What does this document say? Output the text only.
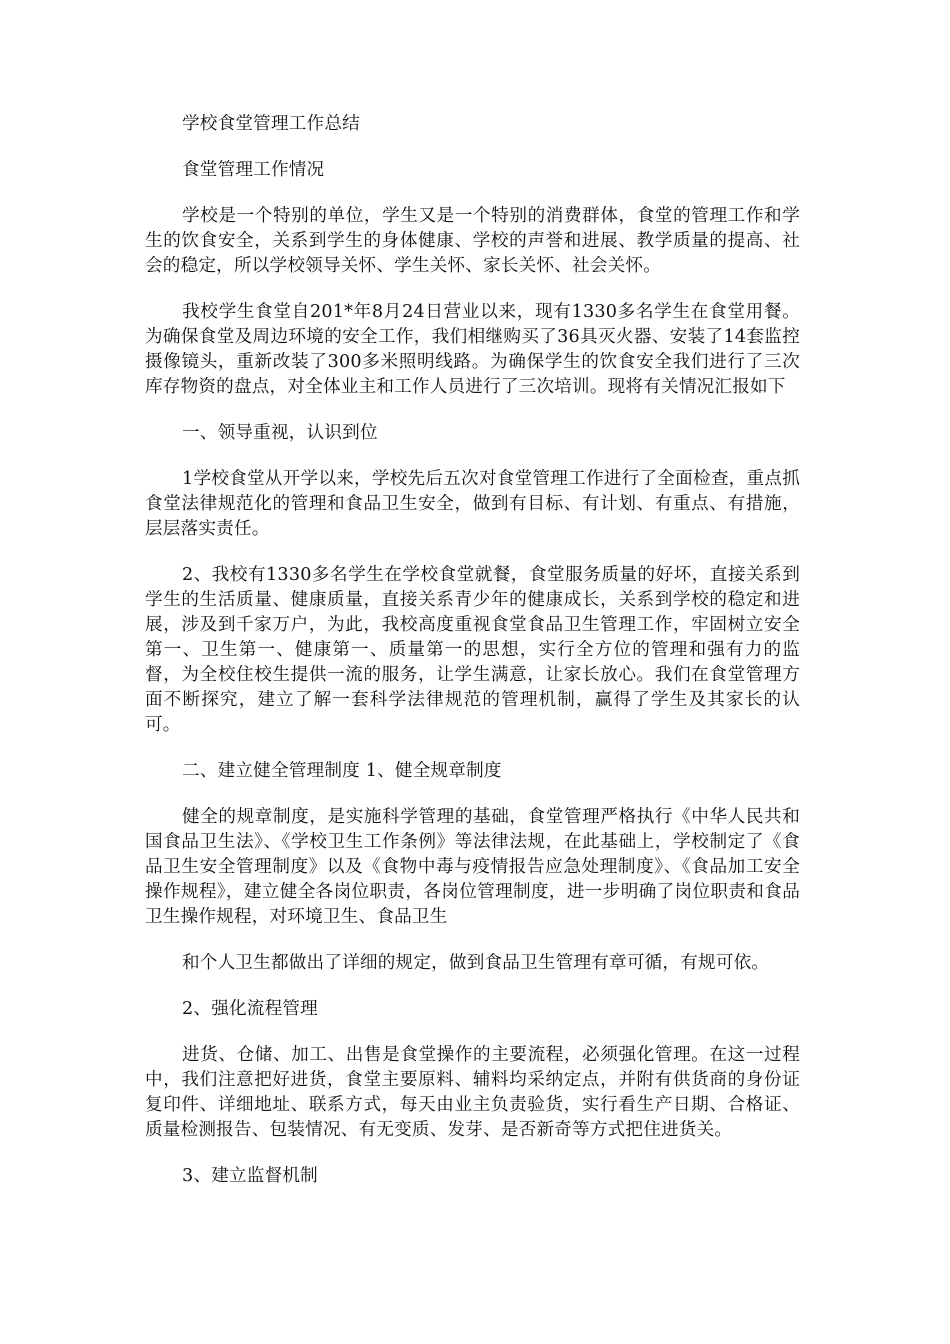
学校食堂管理工作总结

食堂管理工作情况

学校是一个特别的单位，学生又是一个特别的消费群体，食堂的管理工作和学生的饮食安全，关系到学生的身体健康、学校的声誉和进展、教学质量的提高、社会的稳定，所以学校领导关怀、学生关怀、家长关怀、社会关怀。

我校学生食堂自201*年8月24日营业以来，现有1330多名学生在食堂用餐。为确保食堂及周边环境的安全工作，我们相继购买了36具灭火器、安装了14套监控摄像镜头，重新改装了300多米照明线路。为确保学生的饮食安全我们进行了三次库存物资的盘点，对全体业主和工作人员进行了三次培训。现将有关情况汇报如下

一、领导重视，认识到位

1学校食堂从开学以来，学校先后五次对食堂管理工作进行了全面检查，重点抓食堂法律规范化的管理和食品卫生安全，做到有目标、有计划、有重点、有措施，层层落实责任。

2、我校有1330多名学生在学校食堂就餐，食堂服务质量的好坏，直接关系到学生的生活质量、健康质量，直接关系青少年的健康成长，关系到学校的稳定和进展，涉及到千家万户，为此，我校高度重视食堂食品卫生管理工作，牢固树立安全第一、卫生第一、健康第一、质量第一的思想，实行全方位的管理和强有力的监督，为全校住校生提供一流的服务，让学生满意，让家长放心。我们在食堂管理方面不断探究，建立了解一套科学法律规范的管理机制，赢得了学生及其家长的认可。

二、建立健全管理制度 1、健全规章制度

健全的规章制度，是实施科学管理的基础，食堂管理严格执行《中华人民共和国食品卫生法》、《学校卫生工作条例》等法律法规，在此基础上，学校制定了《食品卫生安全管理制度》以及《食物中毒与疫情报告应急处理制度》、《食品加工安全操作规程》，建立健全各岗位职责，各岗位管理制度，进一步明确了岗位职责和食品卫生操作规程，对环境卫生、食品卫生

和个人卫生都做出了详细的规定，做到食品卫生管理有章可循，有规可依。

2、强化流程管理

进货、仓储、加工、出售是食堂操作的主要流程，必须强化管理。在这一过程中，我们注意把好进货，食堂主要原料、辅料均采纳定点，并附有供货商的身份证复印件、详细地址、联系方式，每天由业主负责验货，实行看生产日期、合格证、质量检测报告、包装情况、有无变质、发芽、是否新奇等方式把住进货关。

3、建立监督机制
